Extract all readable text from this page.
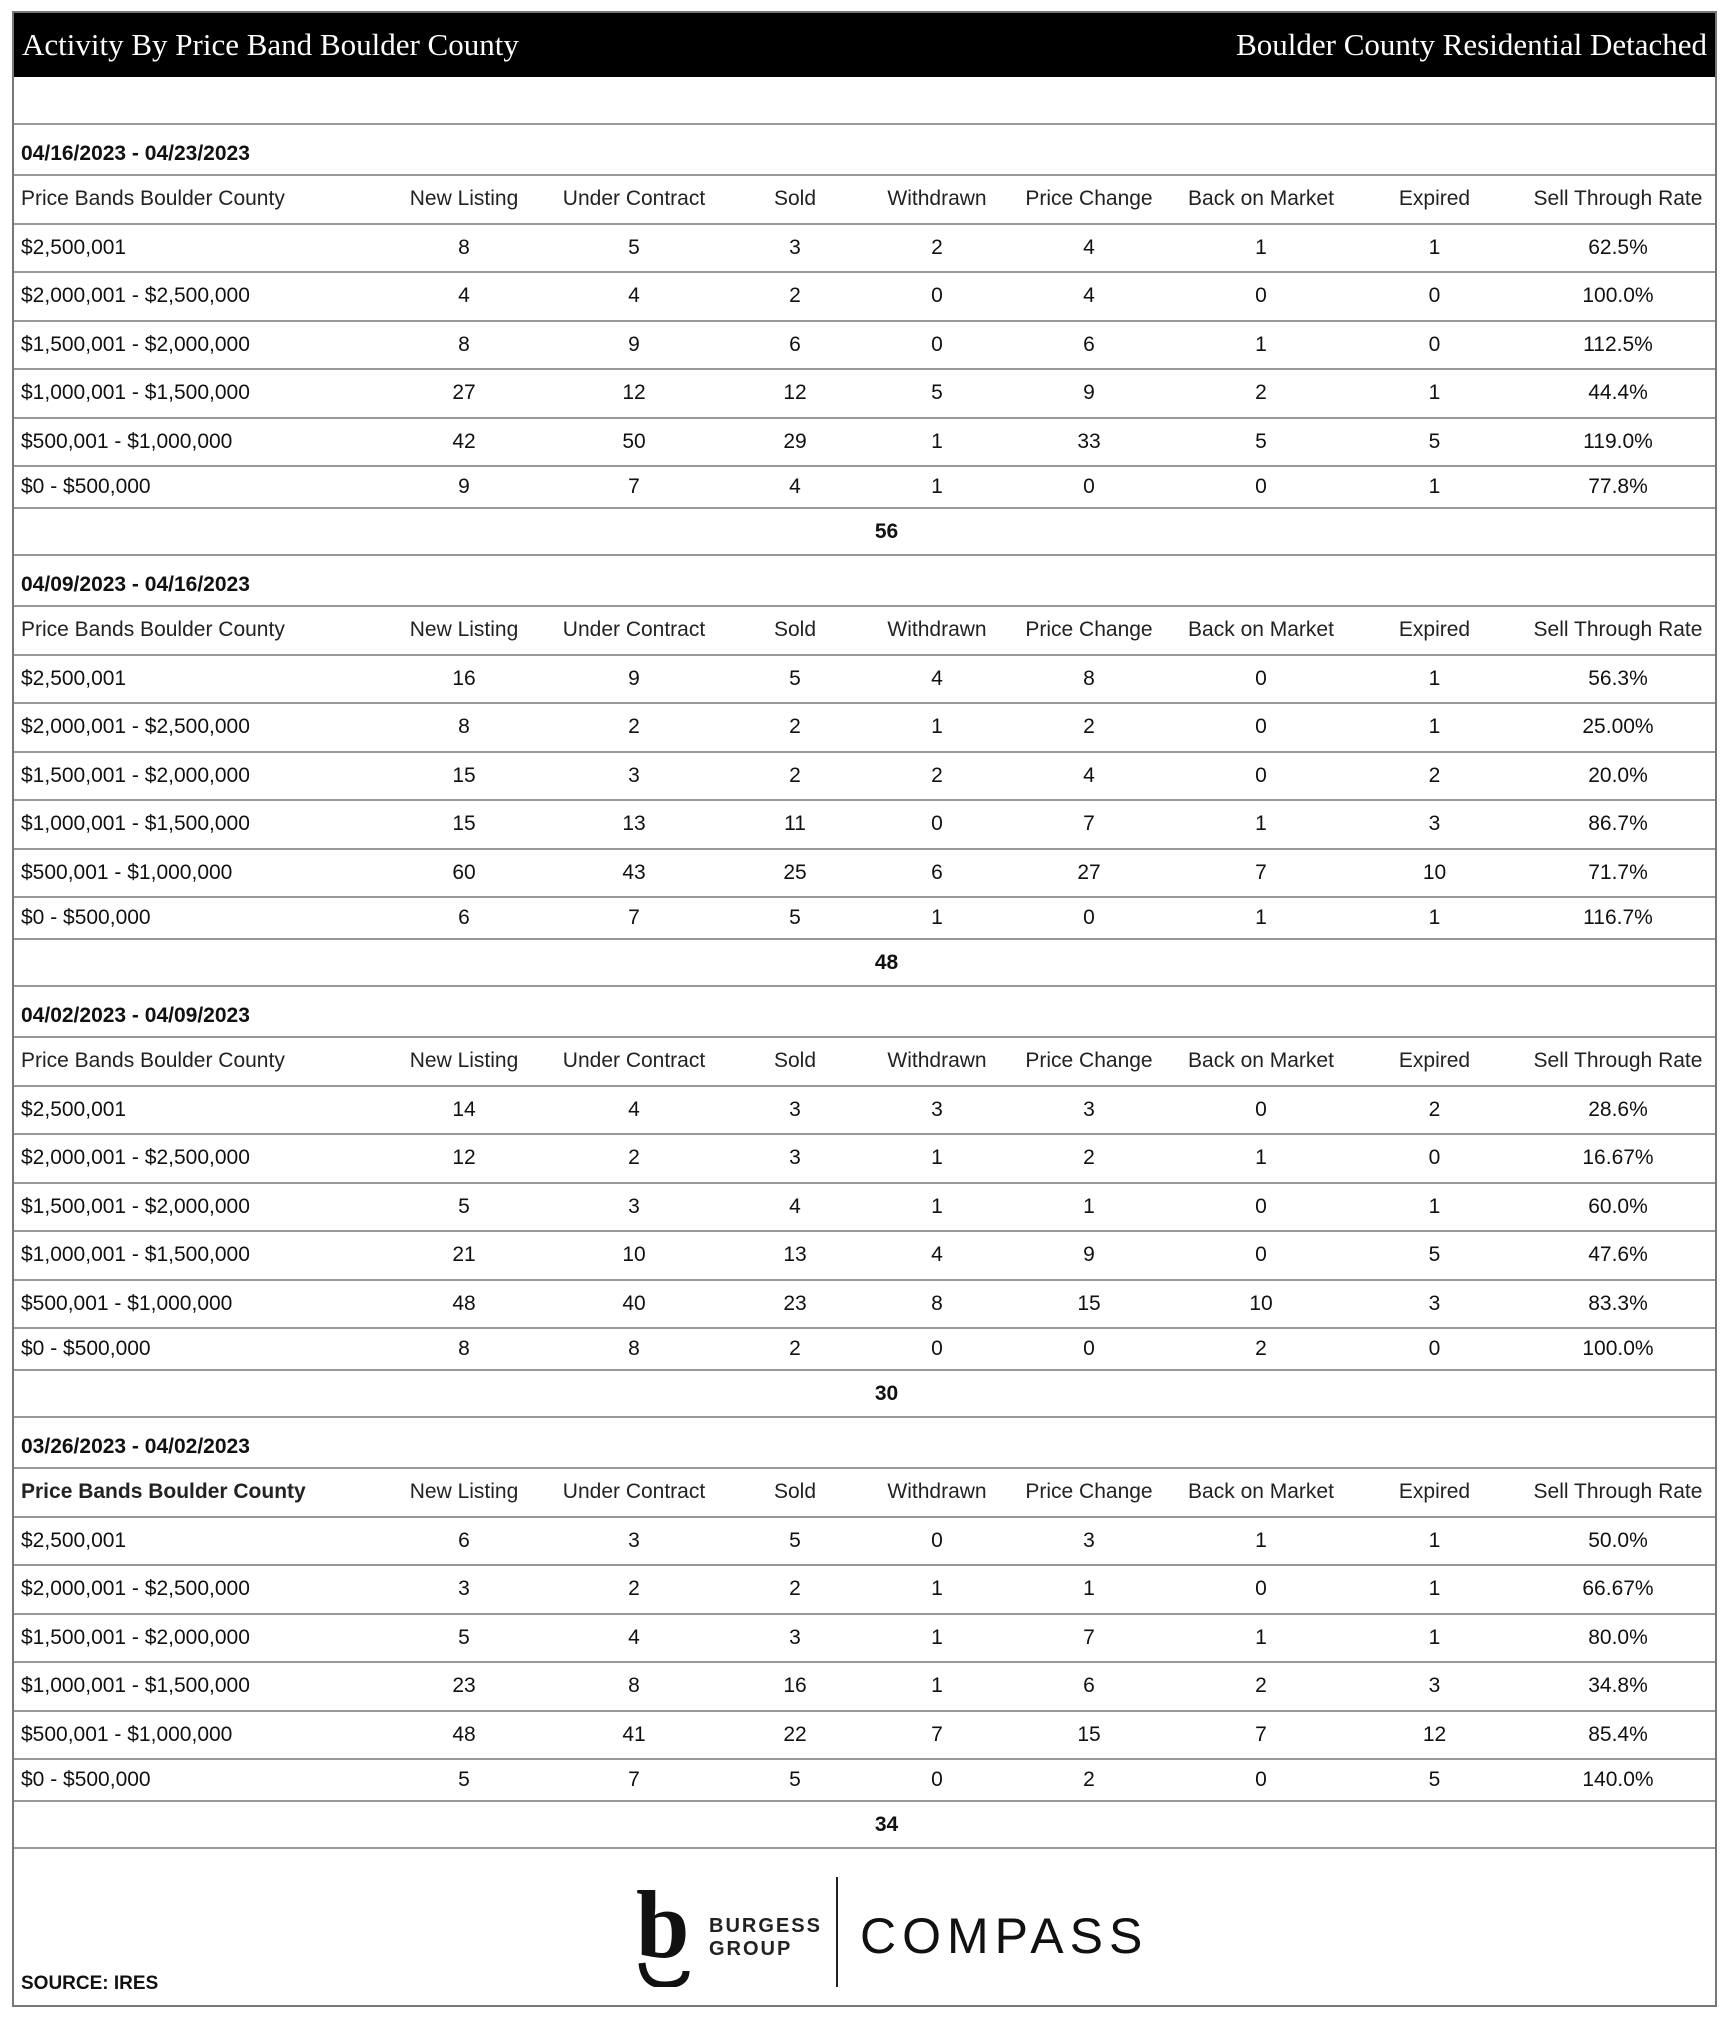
Activity By Price Band Boulder County	Boulder County Residential Detached
04/16/2023 - 04/23/2023
Price Bands Boulder County	New Listing	Under Contract	Sold	Withdrawn	Price Change	Back on Market	Expired	Sell Through Rate
$2,500,001	8	5	3	2	4	1	1	62.5%
$2,000,001 - $2,500,000	4	4	2	0	4	0	0	100.0%
$1,500,001 - $2,000,000	8	9	6	0	6	1	0	112.5%
$1,000,001 - $1,500,000	27	12	12	5	9	2	1	44.4%
$500,001 - $1,000,000	42	50	29	1	33	5	5	119.0%
$0 - $500,000	9	7	4	1	0	0	1	77.8%
56
04/09/2023 - 04/16/2023
Price Bands Boulder County	New Listing	Under Contract	Sold	Withdrawn	Price Change	Back on Market	Expired	Sell Through Rate
$2,500,001	16	9	5	4	8	0	1	56.3%
$2,000,001 - $2,500,000	8	2	2	1	2	0	1	25.00%
$1,500,001 - $2,000,000	15	3	2	2	4	0	2	20.0%
$1,000,001 - $1,500,000	15	13	11	0	7	1	3	86.7%
$500,001 - $1,000,000	60	43	25	6	27	7	10	71.7%
$0 - $500,000	6	7	5	1	0	1	1	116.7%
48
04/02/2023 - 04/09/2023
Price Bands Boulder County	New Listing	Under Contract	Sold	Withdrawn	Price Change	Back on Market	Expired	Sell Through Rate
$2,500,001	14	4	3	3	3	0	2	28.6%
$2,000,001 - $2,500,000	12	2	3	1	2	1	0	16.67%
$1,500,001 - $2,000,000	5	3	4	1	1	0	1	60.0%
$1,000,001 - $1,500,000	21	10	13	4	9	0	5	47.6%
$500,001 - $1,000,000	48	40	23	8	15	10	3	83.3%
$0 - $500,000	8	8	2	0	0	2	0	100.0%
30
03/26/2023 - 04/02/2023
Price Bands Boulder County	New Listing	Under Contract	Sold	Withdrawn	Price Change	Back on Market	Expired	Sell Through Rate
$2,500,001	6	3	5	0	3	1	1	50.0%
$2,000,001 - $2,500,000	3	2	2	1	1	0	1	66.67%
$1,500,001 - $2,000,000	5	4	3	1	7	1	1	80.0%
$1,000,001 - $1,500,000	23	8	16	1	6	2	3	34.8%
$500,001 - $1,000,000	48	41	22	7	15	7	12	85.4%
$0 - $500,000	5	7	5	0	2	0	5	140.0%
34
b BURGESS
GROUP	COMPASS
SOURCE: IRES
